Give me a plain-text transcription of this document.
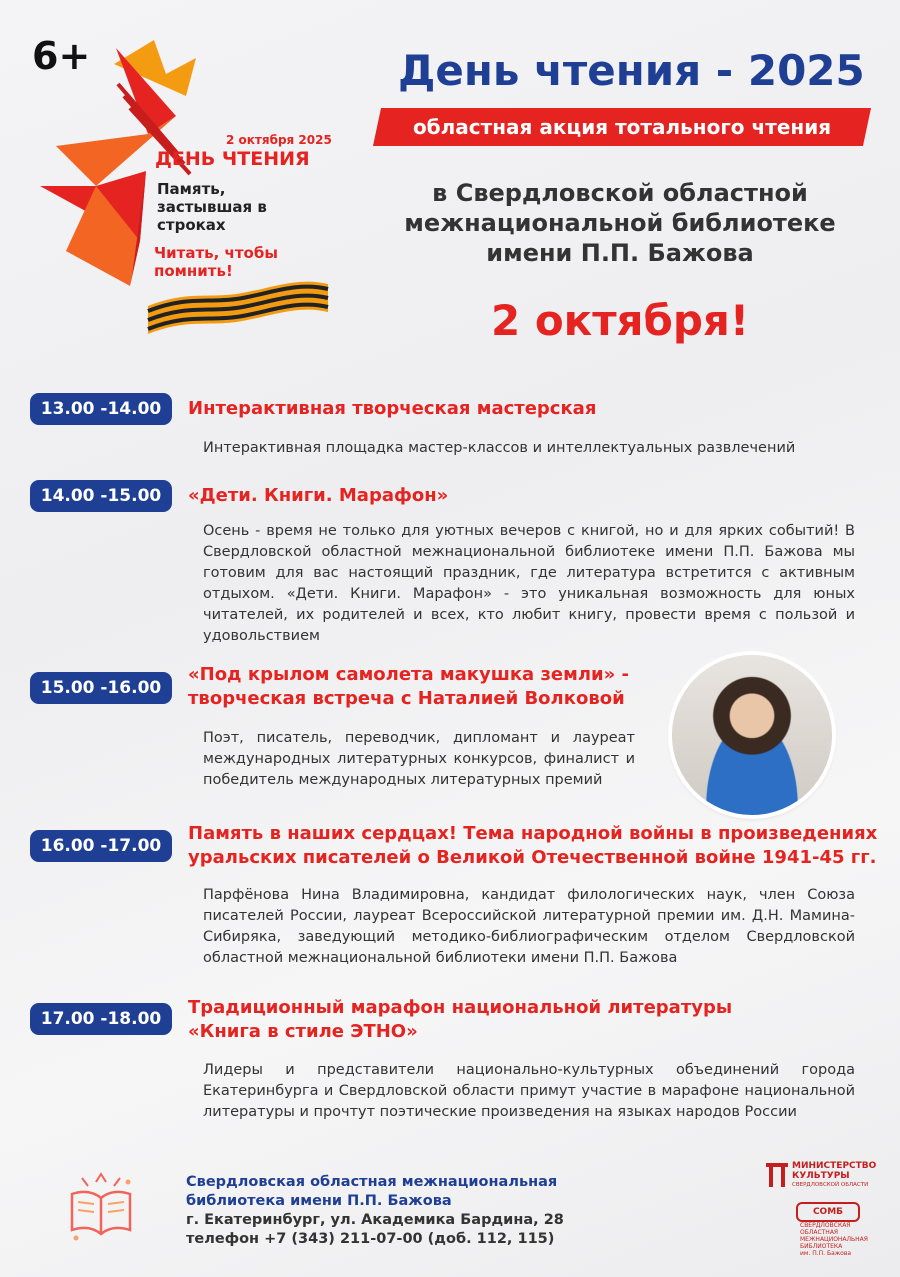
6+
2 октября 2025
ДЕНЬ ЧТЕНИЯ
Память, застывшая в строках
Читать, чтобы помнить!
День чтения - 2025
областная акция тотального чтения
в Свердловской областной
межнациональной библиотеке
имени П.П. Бажова
2 октября!
13.00 -14.00	Интерактивная творческая мастерская
Интерактивная площадка мастер-классов и интеллектуальных развлечений
14.00 -15.00	«Дети. Книги. Марафон»
Осень - время не только для уютных вечеров с книгой, но и для ярких событий! В Свердловской областной межнациональной библиотеке имени П.П. Бажова мы готовим для вас настоящий праздник, где литература встретится с активным отдыхом. «Дети. Книги. Марафон» - это уникальная возможность для юных читателей, их родителей и всех, кто любит книгу, провести время с пользой и удовольствием
15.00 -16.00
«Под крылом самолета макушка земли» -
творческая встреча с Наталией Волковой
Поэт, писатель, переводчик, дипломант и лауреат международных литературных конкурсов, финалист и победитель международных литературных премий
16.00 -17.00
Память в наших сердцах! Тема народной войны в произведениях
уральских писателей о Великой Отечественной войне 1941-45 гг.
Парфёнова Нина Владимировна, кандидат филологических наук, член Союза писателей России, лауреат Всероссийской литературной премии им. Д.Н. Мамина-Сибиряка, заведующий методико-библиографическим отделом Свердловской областной межнациональной библиотеки имени П.П. Бажова
17.00 -18.00
Традиционный марафон национальной литературы
«Книга в стиле ЭТНО»
Лидеры и представители национально-культурных объединений города Екатеринбурга и Свердловской области примут участие в марафоне национальной литературы и прочтут поэтические произведения на языках народов России
Свердловская областная межнациональная
библиотека имени П.П. Бажова
г. Екатеринбург, ул. Академика Бардина, 28
телефон +7 (343) 211-07-00 (доб. 112, 115)
МИНИСТЕРСТВО
КУЛЬТУРЫ
СВЕРДЛОВСКОЙ ОБЛАСТИ
СОМБ
СВЕРДЛОВСКАЯ ОБЛАСТНАЯ
МЕЖНАЦИОНАЛЬНАЯ
БИБЛИОТЕКА
им. П.П. Бажова
